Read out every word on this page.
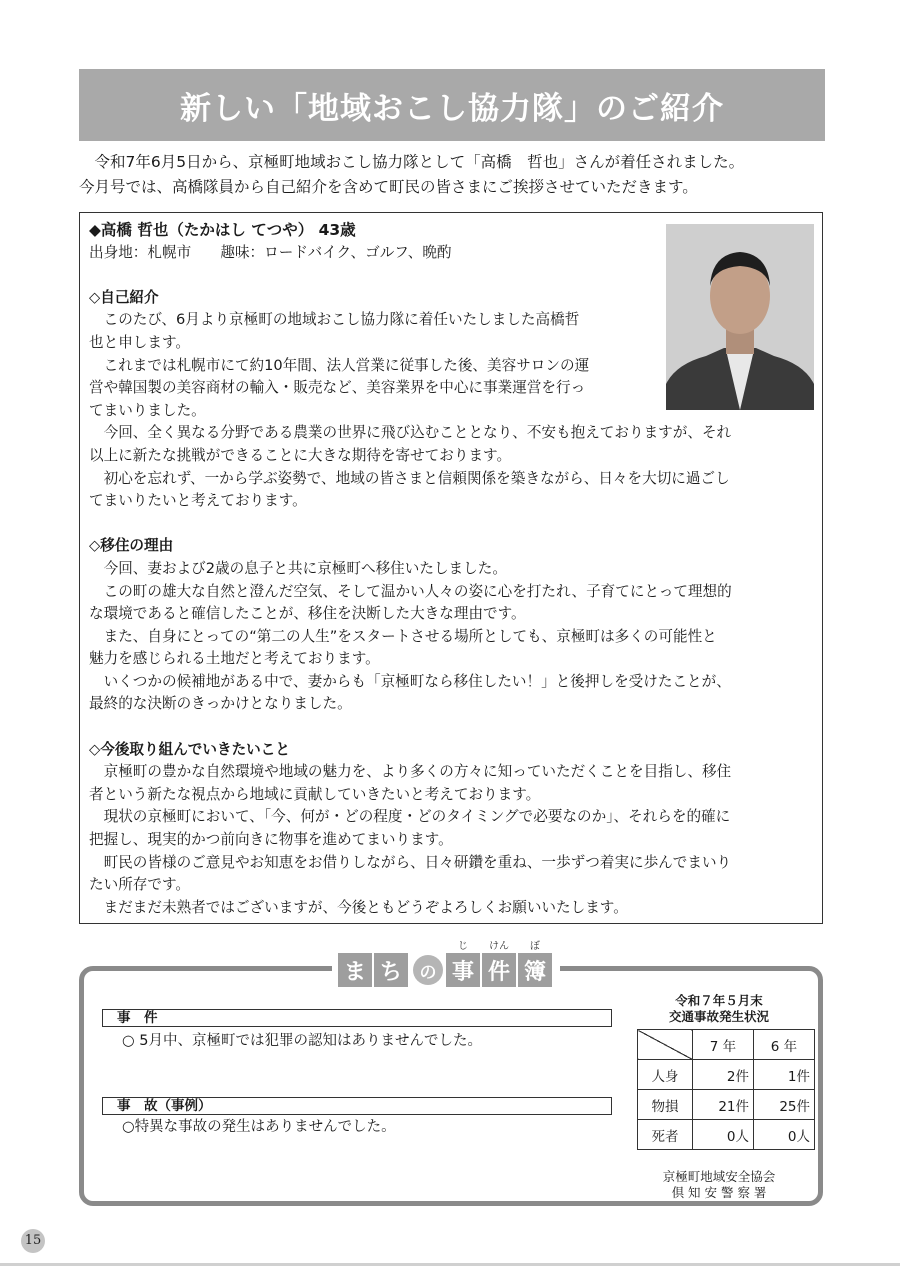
新しい「地域おこし協力隊」のご紹介

　令和7年6月5日から、京極町地域おこし協力隊として「高橋　哲也」さんが着任されました。

今月号では、高橋隊員から自己紹介を含めて町民の皆さまにご挨拶させていただきます。

◆高橋 哲也（たかはし てつや） 43歳

出身地：札幌市　　趣味：ロードバイク、ゴルフ、晩酌

◇自己紹介

このたび、6月より京極町の地域おこし協力隊に着任いたしました高橋哲

也と申します。

これまでは札幌市にて約10年間、法人営業に従事した後、美容サロンの運

営や韓国製の美容商材の輸入・販売など、美容業界を中心に事業運営を行っ

てまいりました。

今回、全く異なる分野である農業の世界に飛び込むこととなり、不安も抱えておりますが、それ

以上に新たな挑戦ができることに大きな期待を寄せております。

初心を忘れず、一から学ぶ姿勢で、地域の皆さまと信頼関係を築きながら、日々を大切に過ごし

てまいりたいと考えております。

◇移住の理由

今回、妻および2歳の息子と共に京極町へ移住いたしました。

この町の雄大な自然と澄んだ空気、そして温かい人々の姿に心を打たれ、子育てにとって理想的

な環境であると確信したことが、移住を決断した大きな理由です。

また、自身にとっての“第二の人生”をスタートさせる場所としても、京極町は多くの可能性と

魅力を感じられる土地だと考えております。

いくつかの候補地がある中で、妻からも「京極町なら移住したい！」と後押しを受けたことが、

最終的な決断のきっかけとなりました。

◇今後取り組んでいきたいこと

京極町の豊かな自然環境や地域の魅力を、より多くの方々に知っていただくことを目指し、移住

者という新たな視点から地域に貢献していきたいと考えております。

現状の京極町において、「今、何が・どの程度・どのタイミングで必要なのか」、それらを的確に

把握し、現実的かつ前向きに物事を進めてまいります。

町民の皆様のご意見やお知恵をお借りしながら、日々研鑽を重ね、一歩ずつ着実に歩んでまいり

たい所存です。

まだまだ未熟者ではございますが、今後ともどうぞよろしくお願いいたします。

ま ち の
じ
事
けん
件
ぼ
簿
事　件
○ 5月中、京極町では犯罪の認知はありませんでした。
事　故（事例）
○特異な事故の発生はありませんでした。
令和７年５月末
交通事故発生状況
	7 年	6 年
人身	2件	1件
物損	21件	25件
死者	0人	0人
京極町地域安全協会
倶 知 安 警 察 署
15
